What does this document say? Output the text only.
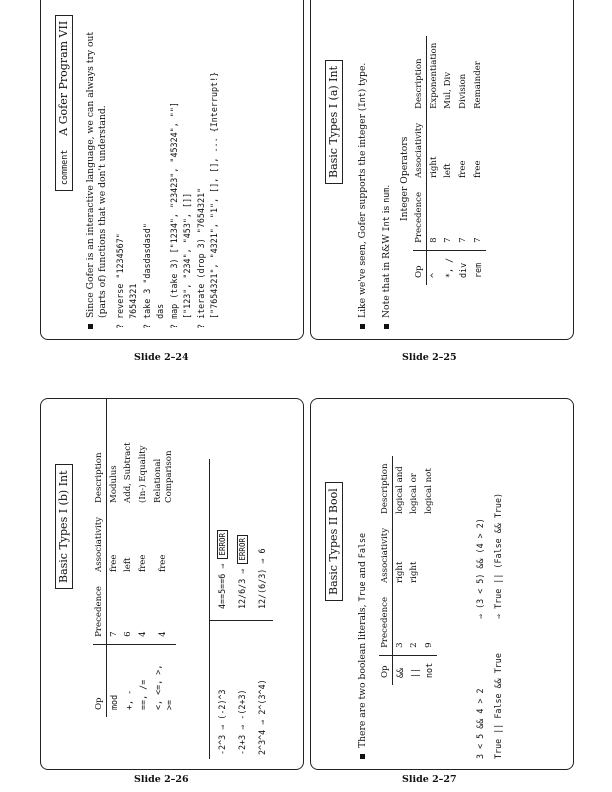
commentA Gofer Program VII Since Gofer is an interactive language, we can always try out (parts of) functions that we don't understand.
? reverse "1234567" 7654321
? take 3 "dasdasdasd" das
? map (take 3) ["1234", "23423", "45324", ""] ["123", "234", "453", []]
? iterate (drop 3) "7654321" ["7654321", "4321", "1", [], [], ... {Interrupt!}
Slide 2–24
Basic Types I (a) Int Like we've seen, Gofer supports the integer (Int) type.
Note that in R&W Int is num. Integer Operators
Op	Precedence	Associativity	Description
^	8	right	Exponentiation
*, /	7	left	Mul, Div
div	7	free	Division
rem	7	free	Remainder
Slide 2–25
Basic Types I (b) Int
Op	Precedence	Associativity	Description
mod	7	free	Modulus
+, -	6	left	Add, Subtract
==, /=	4	free	(In-) Equality
<, <=, >, >=	4	free	Relational Comparison
-2^3 ⇒ (-2)^3
-2+3 ⇒ -(2+3)
2^3^4 ⇒ 2^(3^4)
4==5==6 ⇒ ERROR
12/6/3 ⇒ ERROR
12/(6/3) ⇒ 6
Slide 2–26
Basic Types II Bool
There are two boolean literals, True and False
Op	Precedence	Associativity	Description
&&	3	right	logical and
||	2	right	logical or
not	9		logical not
3 < 5 && 4 > 2
⇒ (3 < 5) && (4 > 2)
True || False && True
⇒ True || (False && True)
Slide 2–27
